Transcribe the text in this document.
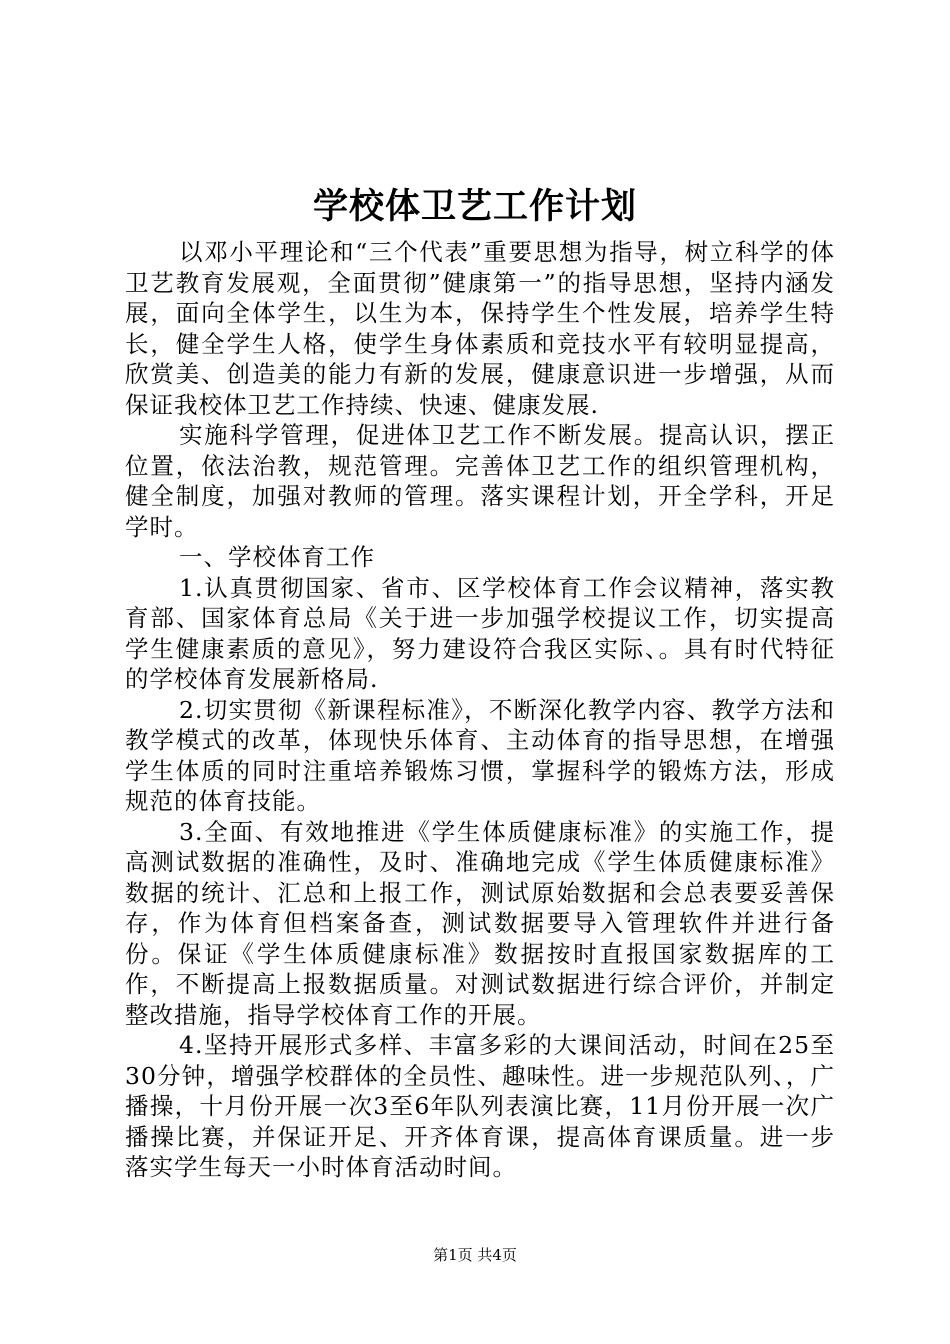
学校体卫艺工作计划

以邓小平理论和“三个代表”重要思想为指导，树立科学的体卫艺教育发展观，全面贯彻”健康第一”的指导思想，坚持内涵发展，面向全体学生，以生为本，保持学生个性发展，培养学生特长，健全学生人格，使学生身体素质和竞技水平有较明显提高，欣赏美、创造美的能力有新的发展，健康意识进一步增强，从而保证我校体卫艺工作持续、快速、健康发展.

实施科学管理，促进体卫艺工作不断发展。提高认识，摆正位置，依法治教，规范管理。完善体卫艺工作的组织管理机构，健全制度，加强对教师的管理。落实课程计划，开全学科，开足学时。

一、学校体育工作

1.认真贯彻国家、省市、区学校体育工作会议精神，落实教育部、国家体育总局《关于进一步加强学校提议工作，切实提高学生健康素质的意见》，努力建设符合我区实际、。具有时代特征的学校体育发展新格局.

2.切实贯彻《新课程标准》，不断深化教学内容、教学方法和教学模式的改革，体现快乐体育、主动体育的指导思想，在增强学生体质的同时注重培养锻炼习惯，掌握科学的锻炼方法，形成规范的体育技能。

3.全面、有效地推进《学生体质健康标准》的实施工作，提高测试数据的准确性，及时、准确地完成《学生体质健康标准》数据的统计、汇总和上报工作，测试原始数据和会总表要妥善保存，作为体育但档案备查，测试数据要导入管理软件并进行备份。保证《学生体质健康标准》数据按时直报国家数据库的工作，不断提高上报数据质量。对测试数据进行综合评价，并制定整改措施，指导学校体育工作的开展。

4.坚持开展形式多样、丰富多彩的大课间活动，时间在25至30分钟，增强学校群体的全员性、趣味性。进一步规范队列、，广播操，十月份开展一次3至6年队列表演比赛，11月份开展一次广播操比赛，并保证开足、开齐体育课，提高体育课质量。进一步落实学生每天一小时体育活动时间。

第1页 共4页
